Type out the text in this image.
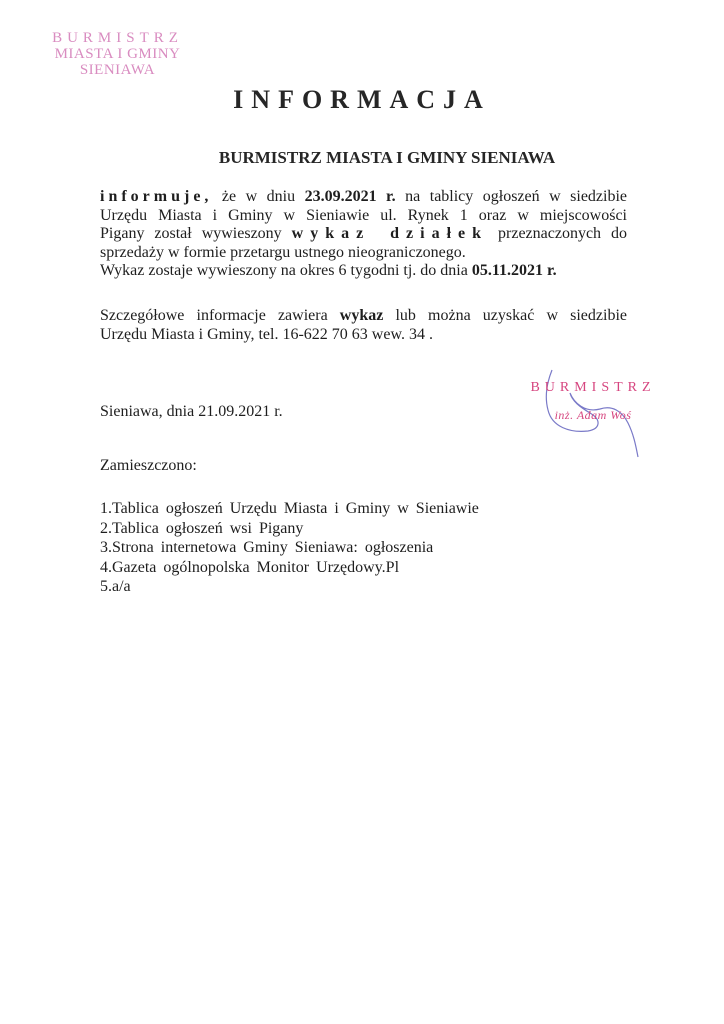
BURMISTRZ
MIASTA I GMINY
SIENIAWA
INFORMACJA
BURMISTRZ MIASTA I GMINY SIENIAWA
informuje, że w dniu 23.09.2021 r. na tablicy ogłoszeń w siedzibie
Urzędu Miasta i Gminy w Sieniawie ul. Rynek 1 oraz w miejscowości
Pigany został wywieszony wykaz działek przeznaczonych do
sprzedaży w formie przetargu ustnego nieograniczonego.
Wykaz zostaje wywieszony na okres 6 tygodni tj. do dnia 05.11.2021 r.
Szczegółowe informacje zawiera wykaz lub można uzyskać w siedzibie
Urzędu Miasta i Gminy, tel. 16-622 70 63 wew. 34 .
BURMISTRZ
inż. Adam Woś
Sieniawa, dnia 21.09.2021 r.
Zamieszczono:
1.Tablica ogłoszeń Urzędu Miasta i Gminy w Sieniawie
2.Tablica ogłoszeń wsi Pigany
3.Strona internetowa Gminy Sieniawa: ogłoszenia
4.Gazeta ogólnopolska Monitor Urzędowy.Pl
5.a/a
